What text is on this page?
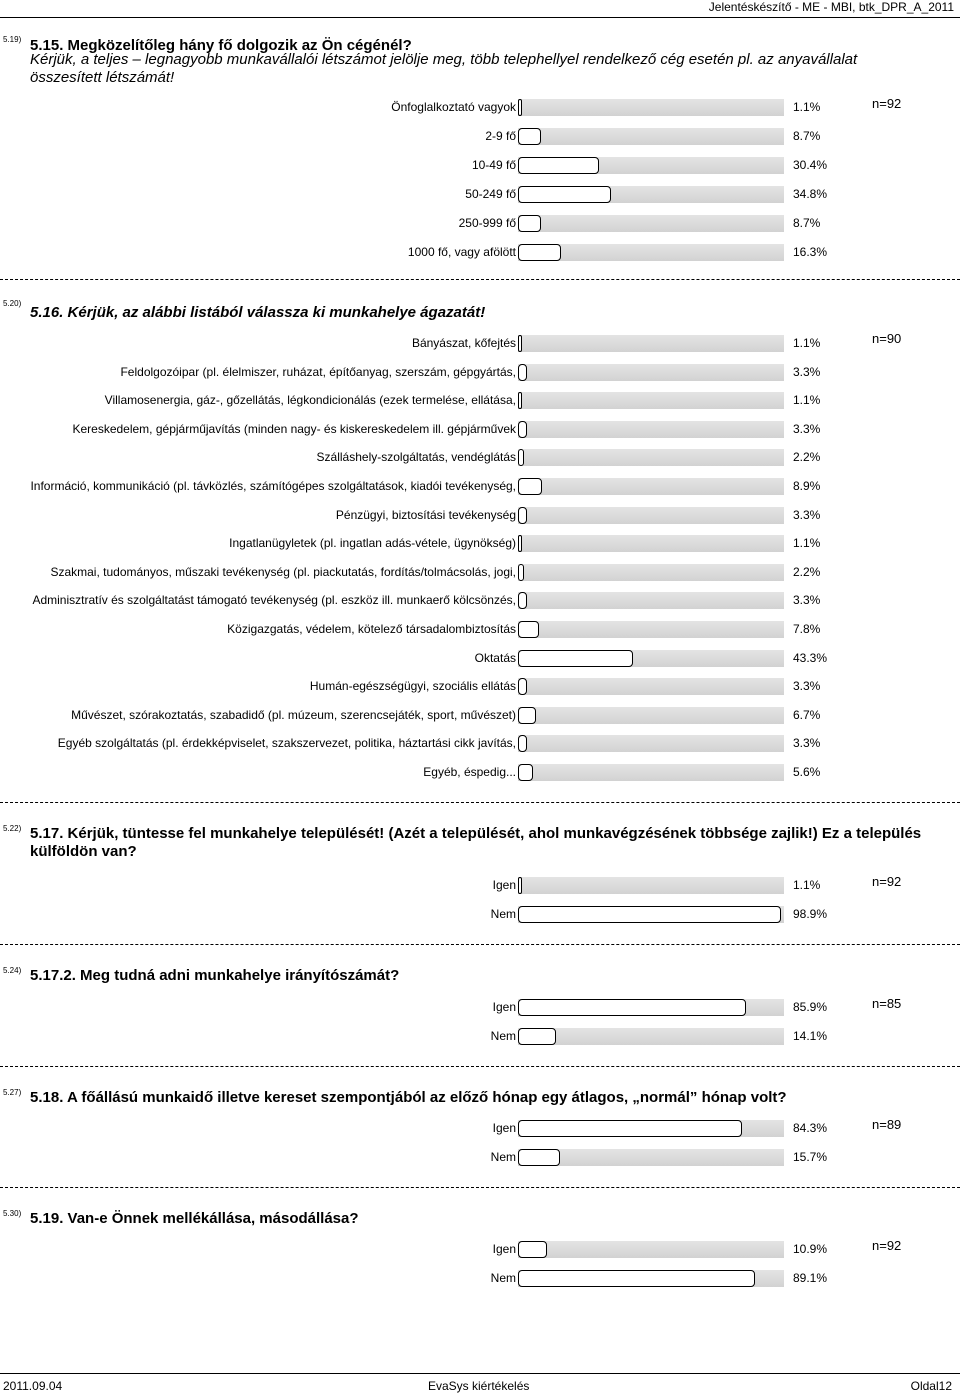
Jelentéskészítő - ME - MBI, btk_DPR_A_2011
5.19) 5.15. Megközelítőleg hány fő dolgozik az Ön cégénél?
Kérjük, a teljes – legnagyobb munkavállalói létszámot jelölje meg, több telephellyel rendelkező cég esetén pl. az anyavállalat összesített létszámát!
n=92
Önfoglalkoztató vagyok	1.1%
2-9 fő	8.7%
10-49 fő	30.4%
50-249 fő	34.8%
250-999 fő	8.7%
1000 fő, vagy afölött	16.3%
5.20)
5.16. Kérjük, az alábbi listából válassza ki munkahelye ágazatát!
n=90
Bányászat, kőfejtés	1.1%
Feldolgozóipar (pl. élelmiszer, ruházat, építőanyag, szerszám, gépgyártás,	3.3%
Villamosenergia, gáz-, gőzellátás, légkondicionálás (ezek termelése, ellátása,	1.1%
Kereskedelem, gépjárműjavítás (minden nagy- és kiskereskedelem ill. gépjárművek	3.3%
Szálláshely-szolgáltatás, vendéglátás	2.2%
Információ, kommunikáció (pl. távközlés, számítógépes szolgáltatások, kiadói tevékenység,	8.9%
Pénzügyi, biztosítási tevékenység	3.3%
Ingatlanügyletek (pl. ingatlan adás-vétele, ügynökség)	1.1%
Szakmai, tudományos, műszaki tevékenység (pl. piackutatás, fordítás/tolmácsolás, jogi,	2.2%
Adminisztratív és szolgáltatást támogató tevékenység (pl. eszköz ill. munkaerő kölcsönzés,	3.3%
Közigazgatás, védelem, kötelező társadalombiztosítás	7.8%
Oktatás	43.3%
Humán-egészségügyi, szociális ellátás	3.3%
Művészet, szórakoztatás, szabadidő (pl. múzeum, szerencsejáték, sport, művészet)	6.7%
Egyéb szolgáltatás (pl. érdekképviselet, szakszervezet, politika, háztartási cikk javítás,	3.3%
Egyéb, éspedig...	5.6%
5.22) 5.17. Kérjük, tüntesse fel munkahelye települését! (Azét a települését, ahol munkavégzésének többsége zajlik!) Ez a település külföldön van?
n=92
Igen	1.1%
Nem	98.9%
5.24) 5.17.2. Meg tudná adni munkahelye irányítószámát?
n=85
Igen	85.9%
Nem	14.1%
5.27) 5.18. A főállású munkaidő illetve kereset szempontjából az előző hónap egy átlagos, „normál” hónap volt?
n=89
Igen	84.3%
Nem	15.7%
5.30) 5.19. Van-e Önnek mellékállása, másodállása?
n=92
Igen	10.9%
Nem	89.1%
2011.09.04	EvaSys kiértékelés	Oldal12
